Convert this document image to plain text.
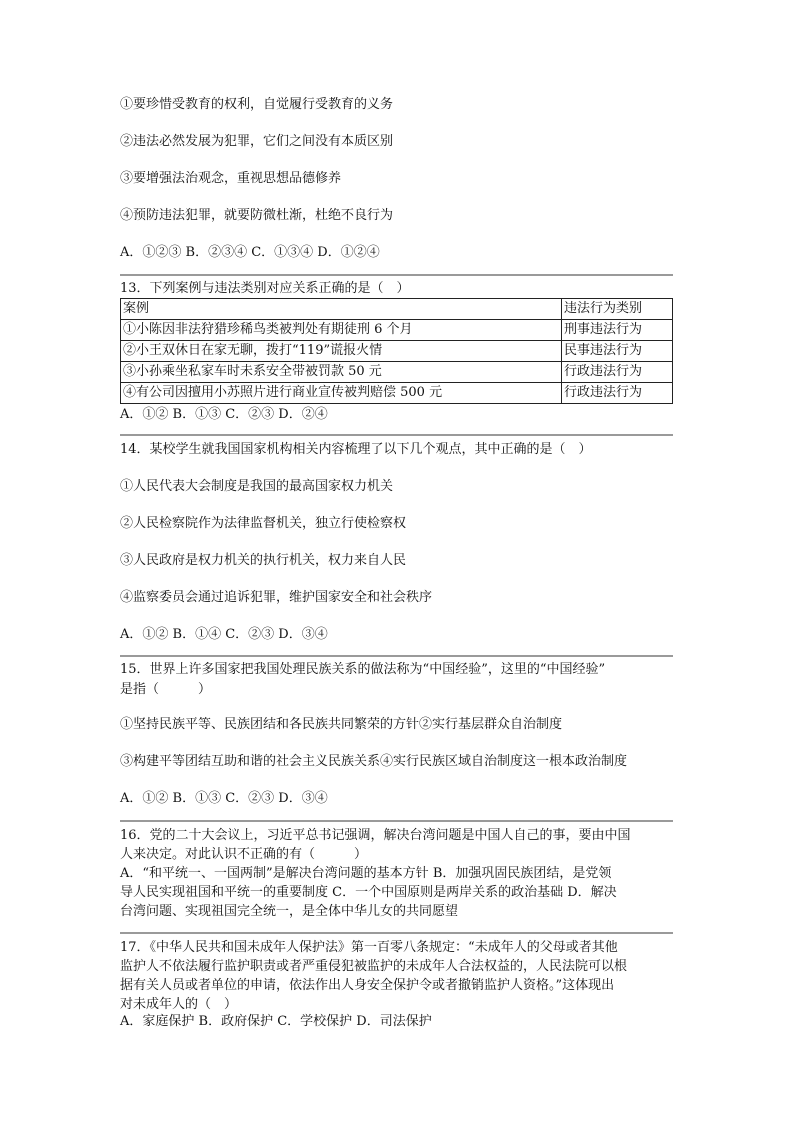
①要珍惜受教育的权利，自觉履行受教育的义务
②违法必然发展为犯罪，它们之间没有本质区别
③要增强法治观念，重视思想品德修养
④预防违法犯罪，就要防微杜渐，杜绝不良行为
A．①②③ B．②③④ C．①③④ D．①②④
13．下列案例与违法类别对应关系正确的是（　）
案例	违法行为类别
①小陈因非法狩猎珍稀鸟类被判处有期徒刑 6 个月	刑事违法行为
②小王双休日在家无聊，拨打“119”谎报火情	民事违法行为
③小孙乘坐私家车时未系安全带被罚款 50 元	行政违法行为
④有公司因擅用小苏照片进行商业宣传被判赔偿 500 元	行政违法行为
A．①② B．①③ C．②③ D．②④
14．某校学生就我国国家机构相关内容梳理了以下几个观点，其中正确的是（　）
①人民代表大会制度是我国的最高国家权力机关
②人民检察院作为法律监督机关，独立行使检察权
③人民政府是权力机关的执行机关，权力来自人民
④监察委员会通过追诉犯罪，维护国家安全和社会秩序
A．①② B．①④ C．②③ D．③④
15．世界上许多国家把我国处理民族关系的做法称为“中国经验”，这里的“中国经验”
是指（　　　）
①坚持民族平等、民族团结和各民族共同繁荣的方针②实行基层群众自治制度
③构建平等团结互助和谐的社会主义民族关系④实行民族区域自治制度这一根本政治制度
A．①② B．①③ C．②③ D．③④
16．党的二十大会议上，习近平总书记强调，解决台湾问题是中国人自己的事，要由中国
人来决定。对此认识不正确的有（　　　）
A．“和平统一、一国两制”是解决台湾问题的基本方针 B．加强巩固民族团结，是党领
导人民实现祖国和平统一的重要制度 C．一个中国原则是两岸关系的政治基础 D．解决
台湾问题、实现祖国完全统一，是全体中华儿女的共同愿望
17．《中华人民共和国未成年人保护法》第一百零八条规定：“未成年人的父母或者其他
监护人不依法履行监护职责或者严重侵犯被监护的未成年人合法权益的，人民法院可以根
据有关人员或者单位的申请，依法作出人身安全保护令或者撤销监护人资格。”这体现出
对未成年人的（　）
A．家庭保护 B．政府保护 C．学校保护 D．司法保护
